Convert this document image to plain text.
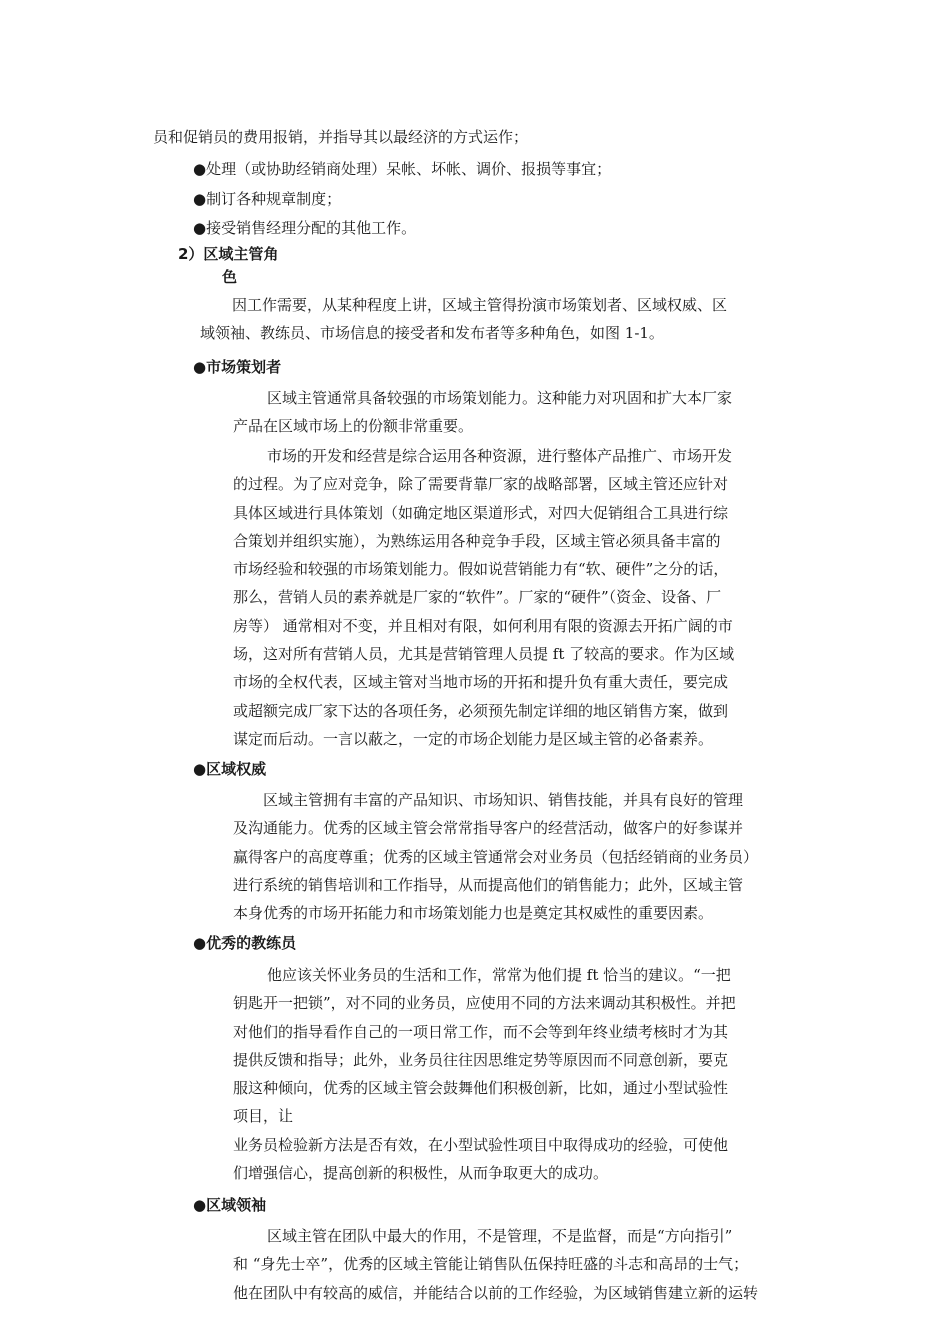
员和促销员的费用报销，并指导其以最经济的方式运作；
●处理（或协助经销商处理）呆帐、坏帐、调价、报损等事宜；
●制订各种规章制度；
●接受销售经理分配的其他工作。
2）区域主管角
色
因工作需要，从某种程度上讲，区域主管得扮演市场策划者、区域权威、区
域领袖、教练员、市场信息的接受者和发布者等多种角色，如图 1-1。
●市场策划者
区域主管通常具备较强的市场策划能力。这种能力对巩固和扩大本厂家
产品在区域市场上的份额非常重要。
市场的开发和经营是综合运用各种资源，进行整体产品推广、市场开发
的过程。为了应对竞争，除了需要背靠厂家的战略部署，区域主管还应针对
具体区域进行具体策划（如确定地区渠道形式，对四大促销组合工具进行综
合策划并组织实施），为熟练运用各种竞争手段，区域主管必须具备丰富的
市场经验和较强的市场策划能力。假如说营销能力有“软、硬件”之分的话，
那么，营销人员的素养就是厂家的“软件”。厂家的“硬件”（资金、设备、厂
房等） 通常相对不变，并且相对有限，如何利用有限的资源去开拓广阔的市
场，这对所有营销人员，尤其是营销管理人员提 ft 了较高的要求。作为区域
市场的全权代表，区域主管对当地市场的开拓和提升负有重大责任，要完成
或超额完成厂家下达的各项任务，必须预先制定详细的地区销售方案，做到
谋定而后动。一言以蔽之，一定的市场企划能力是区域主管的必备素养。
●区域权威
区域主管拥有丰富的产品知识、市场知识、销售技能，并具有良好的管理
及沟通能力。优秀的区域主管会常常指导客户的经营活动，做客户的好参谋并
赢得客户的高度尊重；优秀的区域主管通常会对业务员（包括经销商的业务员）
进行系统的销售培训和工作指导，从而提高他们的销售能力；此外，区域主管
本身优秀的市场开拓能力和市场策划能力也是奠定其权威性的重要因素。
●优秀的教练员
他应该关怀业务员的生活和工作，常常为他们提 ft 恰当的建议。“一把
钥匙开一把锁”，对不同的业务员，应使用不同的方法来调动其积极性。并把
对他们的指导看作自己的一项日常工作，而不会等到年终业绩考核时才为其
提供反馈和指导；此外，业务员往往因思维定势等原因而不同意创新，要克
服这种倾向，优秀的区域主管会鼓舞他们积极创新，比如，通过小型试验性
项目，让
业务员检验新方法是否有效，在小型试验性项目中取得成功的经验，可使他
们增强信心，提高创新的积极性，从而争取更大的成功。
●区域领袖
区域主管在团队中最大的作用，不是管理，不是监督，而是“方向指引”
和 “身先士卒”，优秀的区域主管能让销售队伍保持旺盛的斗志和高昂的士气；
他在团队中有较高的威信，并能结合以前的工作经验，为区域销售建立新的运转
